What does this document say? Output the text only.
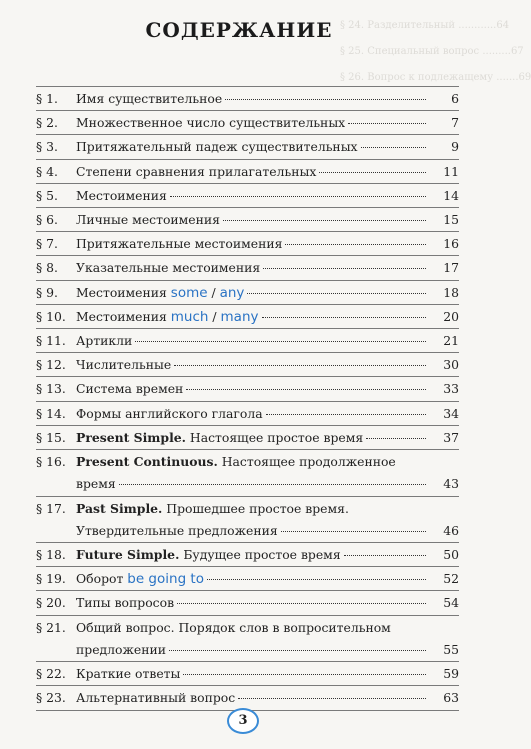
§ 24. Разделительный ............64
§ 25. Специальный вопрос .........67
§ 26. Вопрос к подлежащему .......69
СОДЕРЖАНИЕ
§ 1. Имя существительное	6
§ 2. Множественное число существительных	7
§ 3. Притяжательный падеж существительных	9
§ 4. Степени сравнения прилагательных	11
§ 5. Местоимения	14
§ 6. Личные местоимения	15
§ 7. Притяжательные местоимения	16
§ 8. Указательные местоимения	17
§ 9. Местоимения some / any	18
§ 10. Местоимения much / many	20
§ 11. Артикли	21
§ 12. Числительные	30
§ 13. Система времен	33
§ 14. Формы английского глагола	34
§ 15. Present Simple. Настоящее простое время	37
§ 16. Present Continuous. Настоящее продолженное
время	43
§ 17. Past Simple. Прошедшее простое время.
Утвердительные предложения	46
§ 18. Future Simple. Будущее простое время	50
§ 19. Оборот be going to	52
§ 20. Типы вопросов	54
§ 21. Общий вопрос. Порядок слов в вопросительном
предложении	55
§ 22. Краткие ответы	59
§ 23. Альтернативный вопрос	63
3
